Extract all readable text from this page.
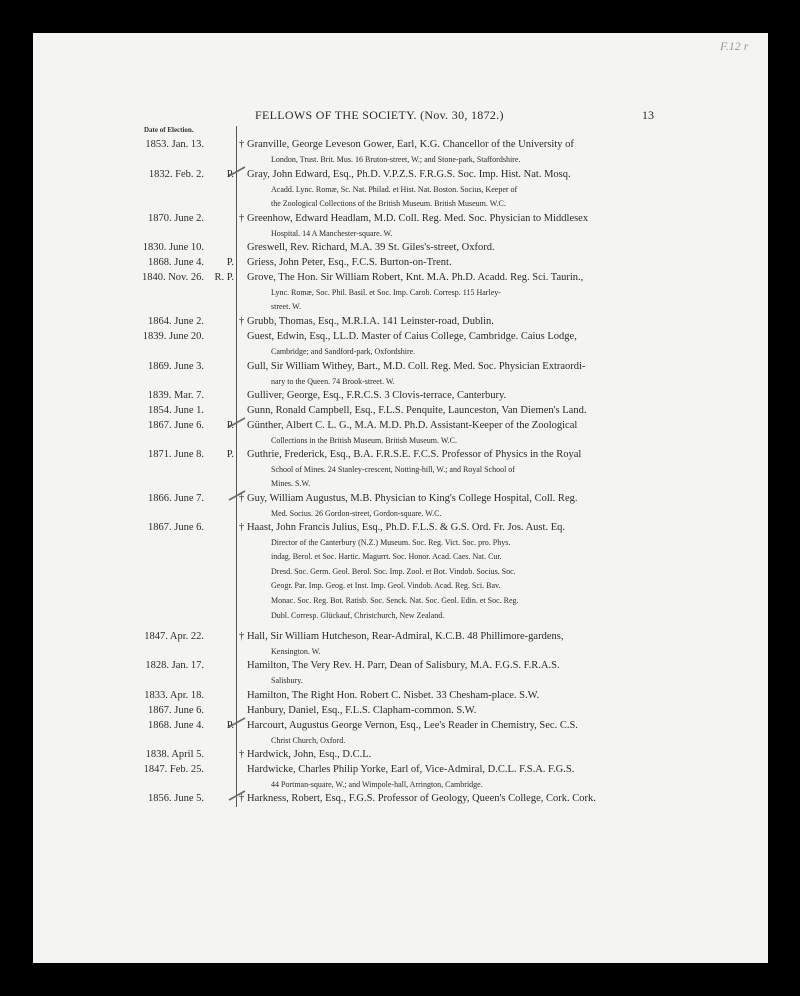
F.12 r
FELLOWS OF THE SOCIETY. (Nov. 30, 1872.)	13
Date of Election.
1853. Jan. 13.	† Granville, George Leveson Gower, Earl, K.G. Chancellor of the University of
London, Trust. Brit. Mus. 16 Bruton-street, W.; and Stone-park, Staffordshire.
1832. Feb. 2.	P. Gray, John Edward, Esq., Ph.D. V.P.Z.S. F.R.G.S. Soc. Imp. Hist. Nat. Mosq.
Acadd. Lync. Romæ, Sc. Nat. Philad. et Hist. Nat. Boston. Socius, Keeper of
the Zoological Collections of the British Museum. British Museum. W.C.
1870. June 2.	† Greenhow, Edward Headlam, M.D. Coll. Reg. Med. Soc. Physician to Middlesex
Hospital. 14 A Manchester-square. W.
1830. June 10.	Greswell, Rev. Richard, M.A. 39 St. Giles's-street, Oxford.
1868. June 4.	P. Griess, John Peter, Esq., F.C.S. Burton-on-Trent.
1840. Nov. 26. R. P. Grove, The Hon. Sir William Robert, Knt. M.A. Ph.D. Acadd. Reg. Sci. Taurin.,
Lync. Romæ, Soc. Phil. Basil. et Soc. Imp. Carob. Corresp. 115 Harley-
street. W.
1864. June 2.	† Grubb, Thomas, Esq., M.R.I.A. 141 Leinster-road, Dublin.
1839. June 20.	Guest, Edwin, Esq., LL.D. Master of Caius College, Cambridge. Caius Lodge,
Cambridge; and Sandford-park, Oxfordshire.
1869. June 3.	Gull, Sir William Withey, Bart., M.D. Coll. Reg. Med. Soc. Physician Extraordi-
nary to the Queen. 74 Brook-street. W.
1839. Mar. 7.	Gulliver, George, Esq., F.R.C.S. 3 Clovis-terrace, Canterbury.
1854. June 1.	Gunn, Ronald Campbell, Esq., F.L.S. Penquite, Launceston, Van Diemen's Land.
1867. June 6.	P. Günther, Albert C. L. G., M.A. M.D. Ph.D. Assistant-Keeper of the Zoological
Collections in the British Museum. British Museum. W.C.
1871. June 8.	P. Guthrie, Frederick, Esq., B.A. F.R.S.E. F.C.S. Professor of Physics in the Royal
School of Mines. 24 Stanley-crescent, Notting-hill, W.; and Royal School of
Mines. S.W.
1866. June 7.	† Guy, William Augustus, M.B. Physician to King's College Hospital, Coll. Reg.
Med. Socius. 26 Gordon-street, Gordon-square. W.C.
1867. June 6.	† Haast, John Francis Julius, Esq., Ph.D. F.L.S. & G.S. Ord. Fr. Jos. Aust. Eq.
Director of the Canterbury (N.Z.) Museum. Soc. Reg. Vict. Soc. pro. Phys.
indag. Berol. et Soc. Hartic. Magurrt. Soc. Honor. Acad. Caes. Nat. Cur.
Dresd. Soc. Germ. Geol. Berol. Soc. Imp. Zool. et Bot. Vindob. Socius. Soc.
Geogr. Par. Imp. Geog. et Inst. Imp. Geol. Vindob. Acad. Reg. Sci. Bav.
Monac. Soc. Reg. Bot. Ratisb. Soc. Senck. Nat. Soc. Geol. Edin. et Soc. Reg.
Dubl. Corresp. Glückauf, Christchurch, New Zealand.
1847. Apr. 22.	† Hall, Sir William Hutcheson, Rear-Admiral, K.C.B. 48 Phillimore-gardens,
Kensington. W.
1828. Jan. 17.	Hamilton, The Very Rev. H. Parr, Dean of Salisbury, M.A. F.G.S. F.R.A.S.
Salisbury.
1833. Apr. 18.	Hamilton, The Right Hon. Robert C. Nisbet. 33 Chesham-place. S.W.
1867. June 6.	Hanbury, Daniel, Esq., F.L.S. Clapham-common. S.W.
1868. June 4.	P. Harcourt, Augustus George Vernon, Esq., Lee's Reader in Chemistry, Sec. C.S.
Christ Church, Oxford.
1838. April 5.	† Hardwick, John, Esq., D.C.L.
1847. Feb. 25.	Hardwicke, Charles Philip Yorke, Earl of, Vice-Admiral, D.C.L. F.S.A. F.G.S.
44 Portman-square, W.; and Wimpole-hall, Arrington, Cambridge.
1856. June 5.	† Harkness, Robert, Esq., F.G.S. Professor of Geology, Queen's College, Cork. Cork.
